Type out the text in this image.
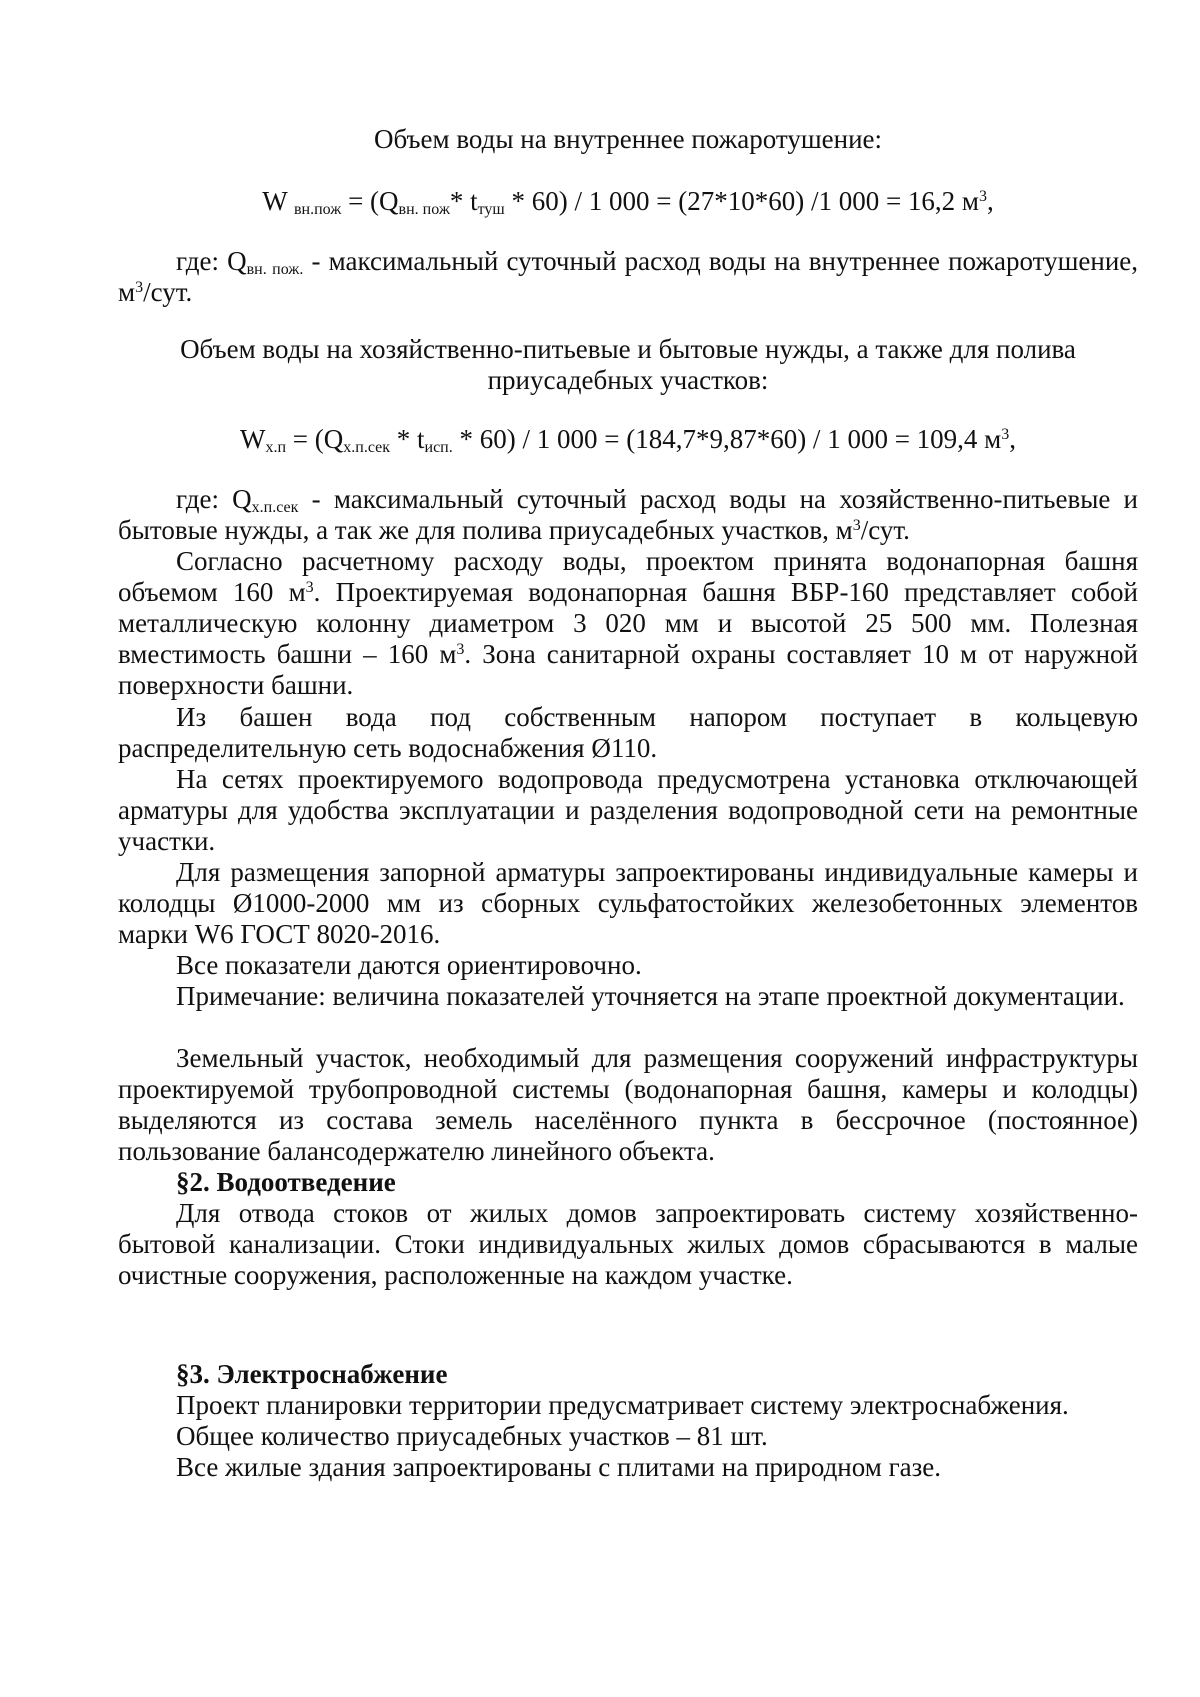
Объем воды на внутреннее пожаротушение:
W $_{вн.пож} = (Q_{вн. пож}*$ $t_{туш} * 60) / 1$ 000 = (27*10*60) /1 000 = 16,2 $м^3$,
где: $Q_{вн. пож.}$ - максимальный суточный расход воды на внутреннее пожаротушение, $м^3$/сут.
Объем воды на хозяйственно-питьевые и бытовые нужды, а также для полива приусадебных участков:
$W_{х.п} = (Q_{х.п.сек} * t_{исп.} * 60) / 1$ 000 = (184,7*9,87*60) / 1 000 = 109,4 $м^3$,
где: $Q_{х.п.сек}$ - максимальный суточный расход воды на хозяйственно-питьевые и бытовые нужды, а так же для полива приусадебных участков, $м^3$/сут.
Согласно расчетному расходу воды, проектом принята водонапорная башня объемом 160 $м^3$. Проектируемая водонапорная башня ВБР-160 представляет собой металлическую колонну диаметром 3 020 мм и высотой 25 500 мм. Полезная вместимость башни – 160 $м^3$. Зона санитарной охраны составляет 10 м от наружной поверхности башни.
Из башен вода под собственным напором поступает в кольцевую распределительную сеть водоснабжения Ø110.
На сетях проектируемого водопровода предусмотрена установка отключающей арматуры для удобства эксплуатации и разделения водопроводной сети на ремонтные участки.
Для размещения запорной арматуры запроектированы индивидуальные камеры и колодцы Ø1000-2000 мм из сборных сульфатостойких железобетонных элементов марки W6 ГОСТ 8020-2016.
Все показатели даются ориентировочно.
Примечание: величина показателей уточняется на этапе проектной документации.
Земельный участок, необходимый для размещения сооружений инфраструктуры проектируемой трубопроводной системы (водонапорная башня, камеры и колодцы) выделяются из состава земель населённого пункта в бессрочное (постоянное) пользование балансодержателю линейного объекта.
§2. Водоотведение
Для отвода стоков от жилых домов запроектировать систему хозяйственно-бытовой канализации. Стоки индивидуальных жилых домов сбрасываются в малые очистные сооружения, расположенные на каждом участке.
§3. Электроснабжение
Проект планировки территории предусматривает систему электроснабжения.
Общее количество приусадебных участков – 81 шт.
Все жилые здания запроектированы с плитами на природном газе.
